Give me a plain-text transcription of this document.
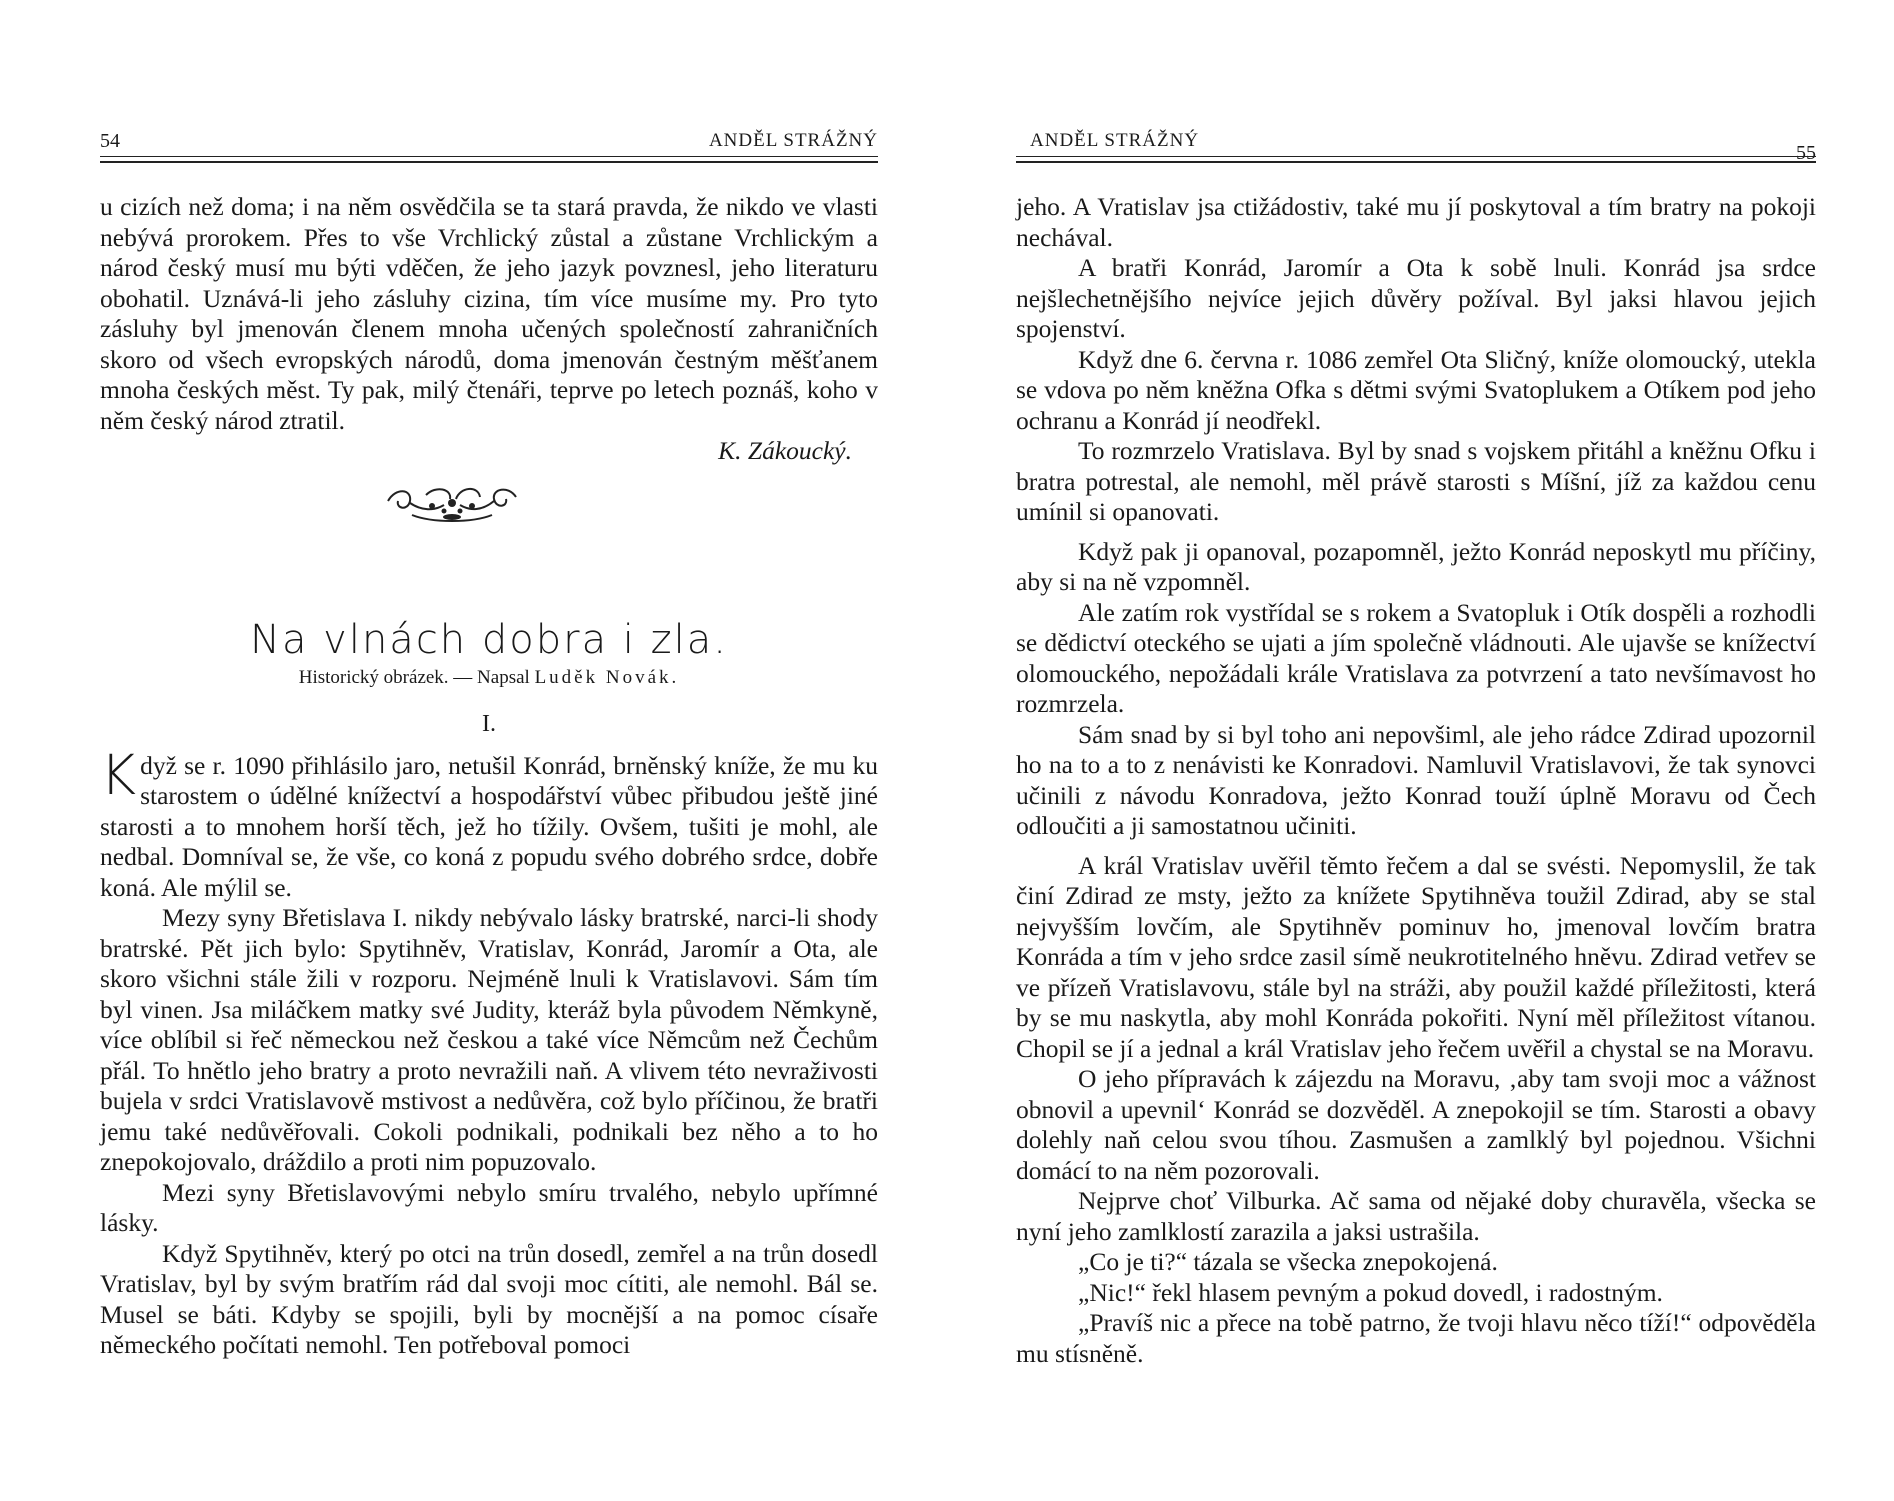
54	ANDĚL STRÁŽNÝ

u cizích než doma; i na něm osvědčila se ta stará pravda, že nikdo ve vlasti nebývá prorokem. Přes to vše Vrchlický zůstal a zůstane Vrchlickým a národ český musí mu býti vděčen, že jeho jazyk povznesl, jeho literaturu obohatil. Uznává-li jeho zásluhy cizina, tím více musíme my. Pro tyto zásluhy byl jmenován členem mnoha učených společností zahraničních skoro od všech evropských národů, doma jmenován čestným měšťanem mnoha českých měst. Ty pak, milý čtenáři, teprve po letech poznáš, koho v něm český národ ztratil.

K. Zákoucký.

Na vlnách dobra i zla.
Historický obrázek. — Napsal Luděk Novák.
I.

Když se r. 1090 přihlásilo jaro, netušil Konrád, brněnský kníže, že mu ku starostem o údělné knížectví a hospodářství vůbec přibudou ještě jiné starosti a to mnohem horší těch, jež ho tížily. Ovšem, tušiti je mohl, ale nedbal. Domníval se, že vše, co koná z popudu svého dobrého srdce, dobře koná. Ale mýlil se.

Mezy syny Břetislava I. nikdy nebývalo lásky bratrské, narci-li shody bratrské. Pět jich bylo: Spytihněv, Vratislav, Konrád, Jaromír a Ota, ale skoro všichni stále žili v rozporu. Nejméně lnuli k Vratislavovi. Sám tím byl vinen. Jsa miláčkem matky své Judity, kteráž byla původem Němkyně, více oblíbil si řeč německou než českou a také více Němcům než Čechům přál. To hnětlo jeho bratry a proto nevražili naň. A vlivem této nevraživosti bujela v srdci Vratislavově mstivost a nedůvěra, což bylo příčinou, že bratři jemu také nedůvěřovali. Cokoli podnikali, podnikali bez něho a to ho znepokojovalo, dráždilo a proti nim popuzovalo.

Mezi syny Břetislavovými nebylo smíru trvalého, nebylo upřímné lásky.

Když Spytihněv, který po otci na trůn dosedl, zemřel a na trůn dosedl Vratislav, byl by svým bratřím rád dal svoji moc cítiti, ale nemohl. Bál se. Musel se báti. Kdyby se spojili, byli by mocnější a na pomoc císaře německého počítati nemohl. Ten potřeboval pomoci

ANDĚL STRÁŽNÝ
55

jeho. A Vratislav jsa ctižádostiv, také mu jí poskytoval a tím bratry na pokoji nechával.

A bratři Konrád, Jaromír a Ota k sobě lnuli. Konrád jsa srdce nejšlechetnějšího nejvíce jejich důvěry požíval. Byl jaksi hlavou jejich spojenství.

Když dne 6. června r. 1086 zemřel Ota Sličný, kníže olomoucký, utekla se vdova po něm kněžna Ofka s dětmi svými Svatoplukem a Otíkem pod jeho ochranu a Konrád jí neodřekl.

To rozmrzelo Vratislava. Byl by snad s vojskem přitáhl a kněžnu Ofku i bratra potrestal, ale nemohl, měl právě starosti s Míšní, jíž za každou cenu umínil si opanovati.

Když pak ji opanoval, pozapomněl, ježto Konrád neposkytl mu příčiny, aby si na ně vzpomněl.

Ale zatím rok vystřídal se s rokem a Svatopluk i Otík dospěli a rozhodli se dědictví oteckého se ujati a jím společně vládnouti. Ale ujavše se knížectví olomouckého, nepožádali krále Vratislava za potvrzení a tato nevšímavost ho rozmrzela.

Sám snad by si byl toho ani nepovšiml, ale jeho rádce Zdirad upozornil ho na to a to z nenávisti ke Konradovi. Namluvil Vratislavovi, že tak synovci učinili z návodu Konradova, ježto Konrad touží úplně Moravu od Čech odloučiti a ji samostatnou učiniti.

A král Vratislav uvěřil těmto řečem a dal se svésti. Nepomyslil, že tak činí Zdirad ze msty, ježto za knížete Spytihněva toužil Zdirad, aby se stal nejvyšším lovčím, ale Spytihněv pominuv ho, jmenoval lovčím bratra Konráda a tím v jeho srdce zasil símě neukrotitelného hněvu. Zdirad vetřev se ve přízeň Vratislavovu, stále byl na stráži, aby použil každé příležitosti, která by se mu naskytla, aby mohl Konráda pokořiti. Nyní měl příležitost vítanou. Chopil se jí a jednal a král Vratislav jeho řečem uvěřil a chystal se na Moravu.

O jeho přípravách k zájezdu na Moravu, ‚aby tam svoji moc a vážnost obnovil a upevnil‘ Konrád se dozvěděl. A znepokojil se tím. Starosti a obavy dolehly naň celou svou tíhou. Zasmušen a zamlklý byl pojednou. Všichni domácí to na něm pozorovali.

Nejprve choť Vilburka. Ač sama od nějaké doby churavěla, všecka se nyní jeho zamlklostí zarazila a jaksi ustrašila.

„Co je ti?“ tázala se všecka znepokojená.

„Nic!“ řekl hlasem pevným a pokud dovedl, i radostným.

„Pravíš nic a přece na tobě patrno, že tvoji hlavu něco tíží!“ odpověděla mu stísněně.
